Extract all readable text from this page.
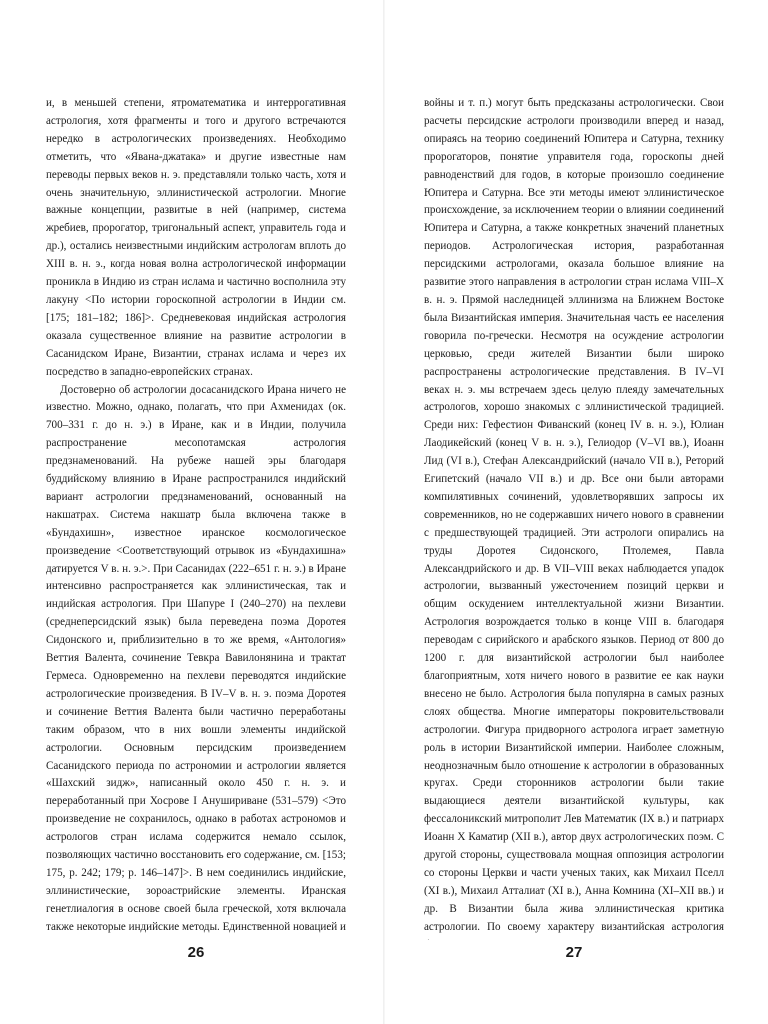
и, в меньшей степени, ятроматематика и интеррогативная астрология, хотя фрагменты и того и другого встречаются нередко в астрологических произведениях. Необходимо отметить, что «Явана-джатака» и другие известные нам переводы первых веков н. э. представляли только часть, хотя и очень значительную, эллинистической астрологии. Многие важные концепции, развитые в ней (например, система жребиев, пророгатор, тригональный аспект, управитель года и др.), остались неизвестными индийским астрологам вплоть до XIII в. н. э., когда новая волна астрологической информации проникла в Индию из стран ислама и частично восполнила эту лакуну <По истории гороскопной астрологии в Индии см. [175; 181–182; 186]>. Средневековая индийская астрология оказала существенное влияние на развитие астрологии в Сасанидском Иране, Византии, странах ислама и через их посредство в западно-европейских странах.

Достоверно об астрологии досасанидского Ирана ничего не известно. Можно, однако, полагать, что при Ахменидах (ок. 700–331 г. до н. э.) в Иране, как и в Индии, получила распространение месопотамская астрология предзнаменований. На рубеже нашей эры благодаря буддийскому влиянию в Иране распространился индийский вариант астрологии предзнаменований, основанный на накшатрах. Система накшатр была включена также в «Бундахишн», известное иранское космологическое произведение <Соответствующий отрывок из «Бундахишна» датируется V в. н. э.>. При Сасанидах (222–651 г. н. э.) в Иране интенсивно распространяется как эллинистическая, так и индийская астрология. При Шапуре I (240–270) на пехлеви (среднеперсидский язык) была переведена поэма Доротея Сидонского и, приблизительно в то же время, «Антология» Веттия Валента, сочинение Тевкра Вавилонянина и трактат Гермеса. Одновременно на пехлеви переводятся индийские астрологические произведения. В IV–V в. н. э. поэма Доротея и сочинение Веттия Валента были частично переработаны таким образом, что в них вошли элементы индийской астрологии. Основным персидским произведением Сасанидского периода по астрономии и астрологии является «Шахский зидж», написанный около 450 г. н. э. и переработанный при Хосрове I Анушириване (531–579) <Это произведение не сохранилось, однако в работах астрономов и астрологов стран ислама содержится немало ссылок, позволяющих частично восстановить его содержание, см. [153; 175, р. 242; 179; р. 146–147]>. В нем соединились индийские, эллинистические, зороастрийские элементы. Иранская генетлиалогия в основе своей была греческой, хотя включала также некоторые индийские методы. Единственной новацией и

26

войны и т. п.) могут быть предсказаны астрологически. Свои расчеты персидские астрологи производили вперед и назад, опираясь на теорию соединений Юпитера и Сатурна, технику пророгаторов, понятие управителя года, гороскопы дней равноденствий для годов, в которые произошло соединение Юпитера и Сатурна. Все эти методы имеют эллинистическое происхождение, за исключением теории о влиянии соединений Юпитера и Сатурна, а также конкретных значений планетных периодов. Астрологическая история, разработанная персидскими астрологами, оказала большое влияние на развитие этого направления в астрологии стран ислама VIII–X в. н. э. Прямой наследницей эллинизма на Ближнем Востоке была Византийская империя. Значительная часть ее населения говорила по-гречески. Несмотря на осуждение астрологии церковью, среди жителей Византии были широко распространены астрологические представления. В IV–VI веках н. э. мы встречаем здесь целую плеяду замечательных астрологов, хорошо знакомых с эллинистической традицией. Среди них: Гефестион Фиванский (конец IV в. н. э.), Юлиан Лаодикейский (конец V в. н. э.), Гелиодор (V–VI вв.), Иоанн Лид (VI в.), Стефан Александрийский (начало VII в.), Реторий Египетский (начало VII в.) и др. Все они были авторами компилятивных сочинений, удовлетворявших запросы их современников, но не содержавших ничего нового в сравнении с предшествующей традицией. Эти астрологи опирались на труды Доротея Сидонского, Птолемея, Павла Александрийского и др. В VII–VIII веках наблюдается упадок астрологии, вызванный ужесточением позиций церкви и общим оскудением интеллектуальной жизни Византии. Астрология возрождается только в конце VIII в. благодаря переводам с сирийского и арабского языков. Период от 800 до 1200 г. для византийской астрологии был наиболее благоприятным, хотя ничего нового в развитие ее как науки внесено не было. Астрология была популярна в самых разных слоях общества. Многие императоры покровительствовали астрологии. Фигура придворного астролога играет заметную роль в истории Византийской империи. Наиболее сложным, неоднозначным было отношение к астрологии в образованных кругах. Среди сторонников астрологии были такие выдающиеся деятели византийской культуры, как фессалоникский митрополит Лев Математик (IX в.) и патриарх Иоанн X Каматир (XII в.), автор двух астрологических поэм. С другой стороны, существовала мощная оппозиция астрологии со стороны Церкви и части ученых таких, как Михаил Пселл (XI в.), Михаил Атталиат (XI в.), Анна Комнина (XI–XII вв.) и др. В Византии была жива эллинистическая критика астрологии. По своему характеру византийская астрология

27
